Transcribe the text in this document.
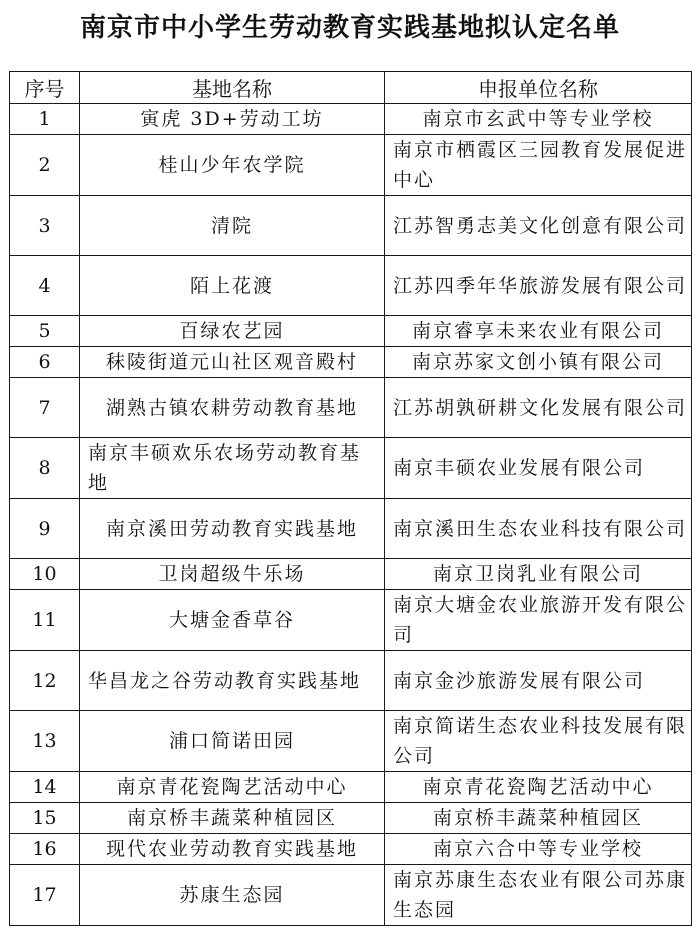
南京市中小学生劳动教育实践基地拟认定名单
序号	基地名称	申报单位名称
1	寅虎 3D+劳动工坊	南京市玄武中等专业学校
2	桂山少年农学院	南京市栖霞区三园教育发展促进中心
3	清院	江苏智勇志美文化创意有限公司
4	陌上花渡	江苏四季年华旅游发展有限公司
5	百绿农艺园	南京睿享未来农业有限公司
6	秣陵街道元山社区观音殿村	南京苏家文创小镇有限公司
7	湖熟古镇农耕劳动教育基地	江苏胡孰研耕文化发展有限公司
8	南京丰硕欢乐农场劳动教育基地	南京丰硕农业发展有限公司
9	南京溪田劳动教育实践基地	南京溪田生态农业科技有限公司
10	卫岗超级牛乐场	南京卫岗乳业有限公司
11	大塘金香草谷	南京大塘金农业旅游开发有限公司
12	华昌龙之谷劳动教育实践基地	南京金沙旅游发展有限公司
13	浦口简诺田园	南京简诺生态农业科技发展有限公司
14	南京青花瓷陶艺活动中心	南京青花瓷陶艺活动中心
15	南京桥丰蔬菜种植园区	南京桥丰蔬菜种植园区
16	现代农业劳动教育实践基地	南京六合中等专业学校
17	苏康生态园	南京苏康生态农业有限公司苏康生态园
